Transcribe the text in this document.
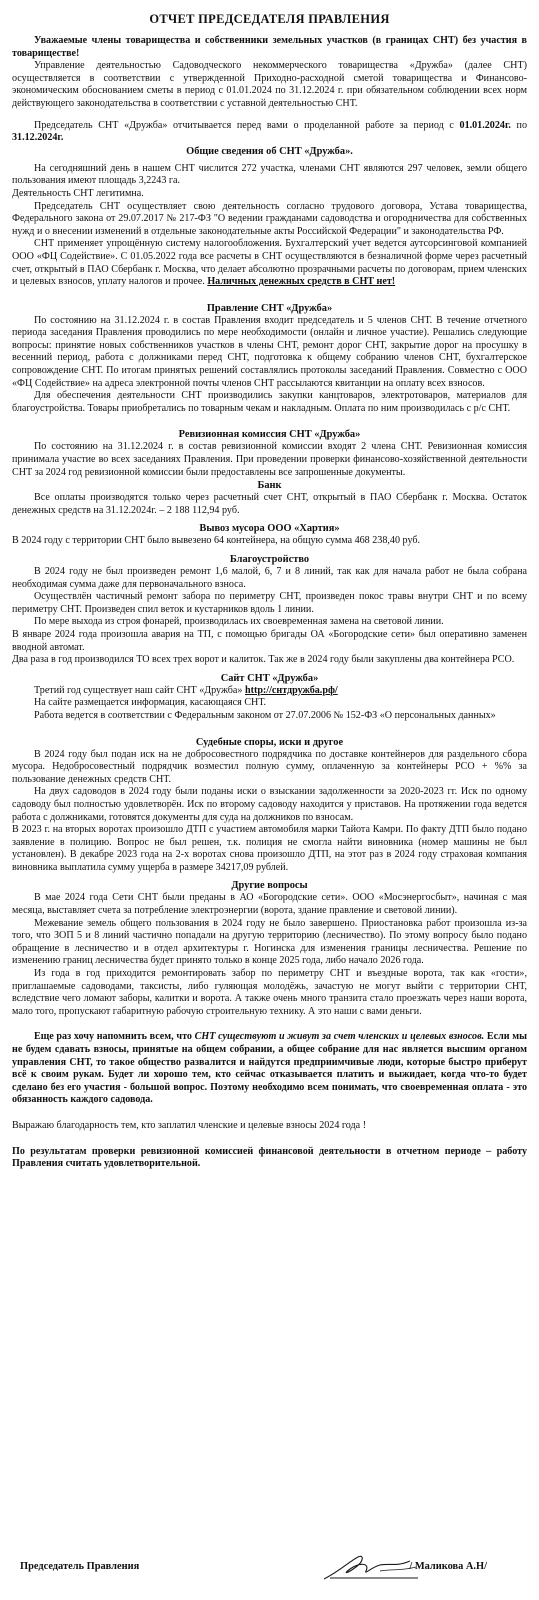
ОТЧЕТ ПРЕДСЕДАТЕЛЯ ПРАВЛЕНИЯ

Уважаемые члены товарищества и собственники земельных участков (в границах СНТ) без участия в товариществе!

Управление деятельностью Садоводческого некоммерческого товарищества «Дружба» (далее СНТ) осуществляется в соответствии с утвержденной Приходно-расходной сметой товарищества и Финансово-экономическим обоснованием сметы в период с 01.01.2024 по 31.12.2024 г. при обязательном соблюдении всех норм действующего законодательства в соответствии с уставной деятельностью СНТ.

Председатель СНТ «Дружба» отчитывается перед вами о проделанной работе за период с 01.01.2024г. по 31.12.2024г.

Общие сведения об СНТ «Дружба».

На сегодняшний день в нашем СНТ числится 272 участка, членами СНТ являются 297 человек, земли общего пользования имеют площадь 3,2243 га.

Деятельность СНТ легитимна.

Председатель СНТ осуществляет свою деятельность согласно трудового договора, Устава товарищества, Федерального закона от 29.07.2017 № 217-ФЗ "О ведении гражданами садоводства и огородничества для собственных нужд и о внесении изменений в отдельные законодательные акты Российской Федерации" и законодательства РФ.

СНТ применяет упрощённую систему налогообложения. Бухгалтерский учет ведется аутсорсинговой компанией ООО «ФЦ Содействие». С 01.05.2022 года все расчеты в СНТ осуществляются в безналичной форме через расчетный счет, открытый в ПАО Сбербанк г. Москва, что делает абсолютно прозрачными расчеты по договорам, прием членских и целевых взносов, уплату налогов и прочее. Наличных денежных средств в СНТ нет!

Правление СНТ «Дружба»

По состоянию на 31.12.2024 г. в состав Правления входит председатель и 5 членов СНТ. В течение отчетного периода заседания Правления проводились по мере необходимости (онлайн и личное участие). Решались следующие вопросы: принятие новых собственников участков в члены СНТ, ремонт дорог СНТ, закрытие дорог на просушку в весенний период, работа с должниками перед СНТ, подготовка к общему собранию членов СНТ, бухгалтерское сопровождение СНТ. По итогам принятых решений составлялись протоколы заседаний Правления. Совместно с ООО «ФЦ Содействие» на адреса электронной почты членов СНТ рассылаются квитанции на оплату всех взносов.

Для обеспечения деятельности СНТ производились закупки канцтоваров, электротоваров, материалов для благоустройства. Товары приобретались по товарным чекам и накладным. Оплата по ним производилась с р/с СНТ.

Ревизионная комиссия СНТ «Дружба»

По состоянию на 31.12.2024 г. в состав ревизионной комиссии входят 2 члена СНТ. Ревизионная комиссия принимала участие во всех заседаниях Правления. При проведении проверки финансово-хозяйственной деятельности СНТ за 2024 год ревизионной комиссии были предоставлены все запрошенные документы.

Банк

Все оплаты производятся только через расчетный счет СНТ, открытый в ПАО Сбербанк г. Москва. Остаток денежных средств на 31.12.2024г. – 2 188 112,94 руб.

Вывоз мусора ООО «Хартия»

В 2024 году с территории СНТ было вывезено 64 контейнера, на общую сумма 468 238,40 руб.

Благоустройство

В 2024 году не был произведен ремонт 1,6 малой, 6, 7 и 8 линий, так как для начала работ не была собрана необходимая сумма даже для первоначального взноса.

Осуществлён частичный ремонт забора по периметру СНТ, произведен покос травы внутри СНТ и по всему периметру СНТ. Произведен спил веток и кустарников вдоль 1 линии.

По мере выхода из строя фонарей, производилась их своевременная замена на световой линии.

В январе 2024 года произошла авария на ТП, с помощью бригады ОА «Богородские сети» был оперативно заменен вводной автомат.

Два раза в год производился ТО всех трех ворот и калиток. Так же в 2024 году были закуплены два контейнера РСО.

Сайт СНТ «Дружба»

Третий год существует наш сайт СНТ «Дружба» http://снтдружба.рф/

На сайте размещается информация, касающаяся СНТ.

Работа ведется в соответствии с Федеральным законом от 27.07.2006 № 152-ФЗ «О персональных данных»

Судебные споры, иски и другое

В 2024 году был подан иск на не добросовестного подрядчика по доставке контейнеров для раздельного сбора мусора. Недобросовестный подрядчик возместил полную сумму, оплаченную за контейнеры РСО + %% за пользование денежных средств СНТ.

На двух садоводов в 2024 году были поданы иски о взыскании задолженности за 2020-2023 гг. Иск по одному садоводу был полностью удовлетворён. Иск по второму садоводу находится у приставов. На протяжении года ведется работа с должниками, готовятся документы для суда на должников по взносам.

В 2023 г. на вторых воротах произошло ДТП с участием автомобиля марки Тайота Камри. По факту ДТП было подано заявление в полицию. Вопрос не был решен, т.к. полиция не смогла найти виновника (номер машины не был установлен). В декабре 2023 года на 2-х воротах снова произошло ДТП, на этот раз в 2024 году страховая компания виновника выплатила сумму ущерба в размере 34217,09 рублей.

Другие вопросы

В мае 2024 года Сети СНТ были преданы в АО «Богородские сети». ООО «Мосэнергосбыт», начиная с мая месяца, выставляет счета за потребление электроэнергии (ворота, здание правление и световой линии).

Межевание земель общего пользования в 2024 году не было завершено. Приостановка работ произошла из-за того, что ЗОП 5 и 8 линий частично попадали на другую территорию (лесничество). По этому вопросу было подано обращение в лесничество и в отдел архитектуры г. Ногинска для изменения границы лесничества. Решение по изменению границ лесничества будет принято только в конце 2025 года, либо начало 2026 года.

Из года в год приходится ремонтировать забор по периметру СНТ и въездные ворота, так как «гости», приглашаемые садоводами, таксисты, либо гуляющая молодёжь, зачастую не могут выйти с территории СНТ, вследствие чего ломают заборы, калитки и ворота. А также очень много транзита стало проезжать через наши ворота, мало того, пропускают габаритную рабочую строительную технику. А это наши с вами деньги.

Еще раз хочу напомнить всем, что СНТ существуют и живут за счет членских и целевых взносов. Если мы не будем сдавать взносы, принятые на общем собрании, а общее собрание для нас является высшим органом управления СНТ, то такое общество развалится и найдутся предприимчивые люди, которые быстро приберут всё к своим рукам. Будет ли хорошо тем, кто сейчас отказывается платить и выжидает, когда что-то будет сделано без его участия - большой вопрос. Поэтому необходимо всем понимать, что своевременная оплата - это обязанность каждого садовода.

Выражаю благодарность тем, кто заплатил членские и целевые взносы 2024 года !

По результатам проверки ревизионной комиссией финансовой деятельности в отчетном периоде – работу Правления считать удовлетворительной.

Председатель Правления	/ Маликова А.Н/
